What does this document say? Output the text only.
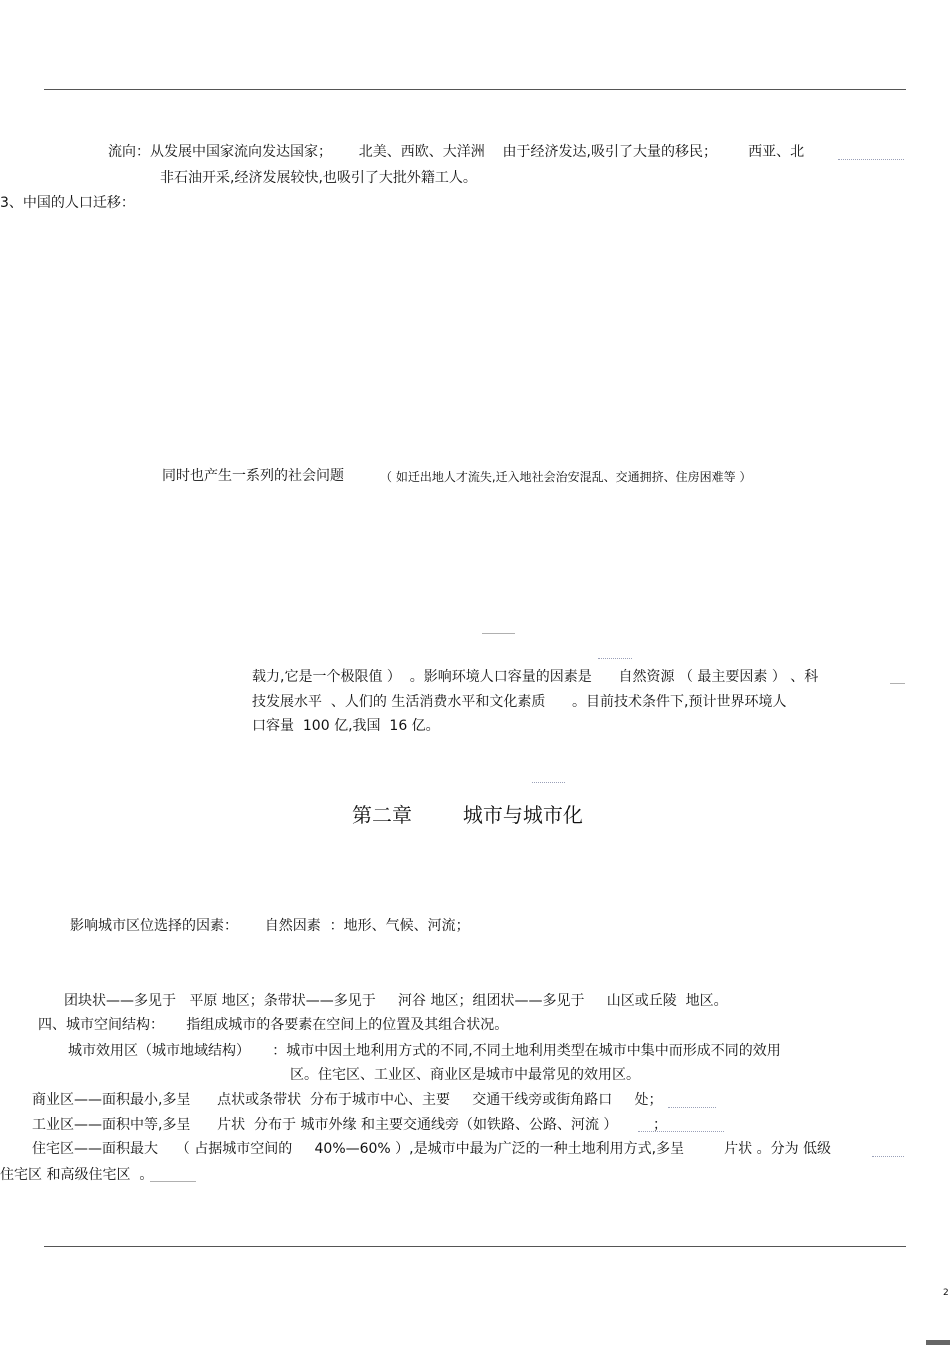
流向：从发展中国家流向发达国家；      北美、西欧、大洋洲    由于经济发达,吸引了大量的移民；       西亚、北
非石油开采,经济发展较快,也吸引了大批外籍工人。
3、中国的人口迁移：
同时也产生一系列的社会问题	（ 如迁出地人才流失,迁入地社会治安混乱、交通拥挤、住房困难等 ）
载力,它是一个极限值 ）  。影响环境人口容量的因素是      自然资源 （ 最主要因素 ） 、科
技发展水平  、人们的 生活消费水平和文化素质      。目前技术条件下,预计世界环境人
口容量  100 亿,我国  16 亿。
第二章        城市与城市化
影响城市区位选择的因素：      自然因素  ：地形、气候、河流；
团块状——多见于   平原 地区；条带状——多见于     河谷 地区；组团状——多见于     山区或丘陵  地区。
四、城市空间结构：     指组成城市的各要素在空间上的位置及其组合状况。
城市效用区（城市地域结构）     ：城市中因土地利用方式的不同,不同土地利用类型在城市中集中而形成不同的效用
区。住宅区、工业区、商业区是城市中最常见的效用区。
商业区——面积最小,多呈      点状或条带状  分布于城市中心、主要     交通干线旁或街角路口     处；
工业区——面积中等,多呈      片状  分布于 城市外缘 和主要交通线旁（如铁路、公路、河流 ）        ；
住宅区——面积最大    （ 占据城市空间的     40%—60% ）,是城市中最为广泛的一种土地利用方式,多呈         片状 。分为 低级
住宅区 和高级住宅区  。
2
